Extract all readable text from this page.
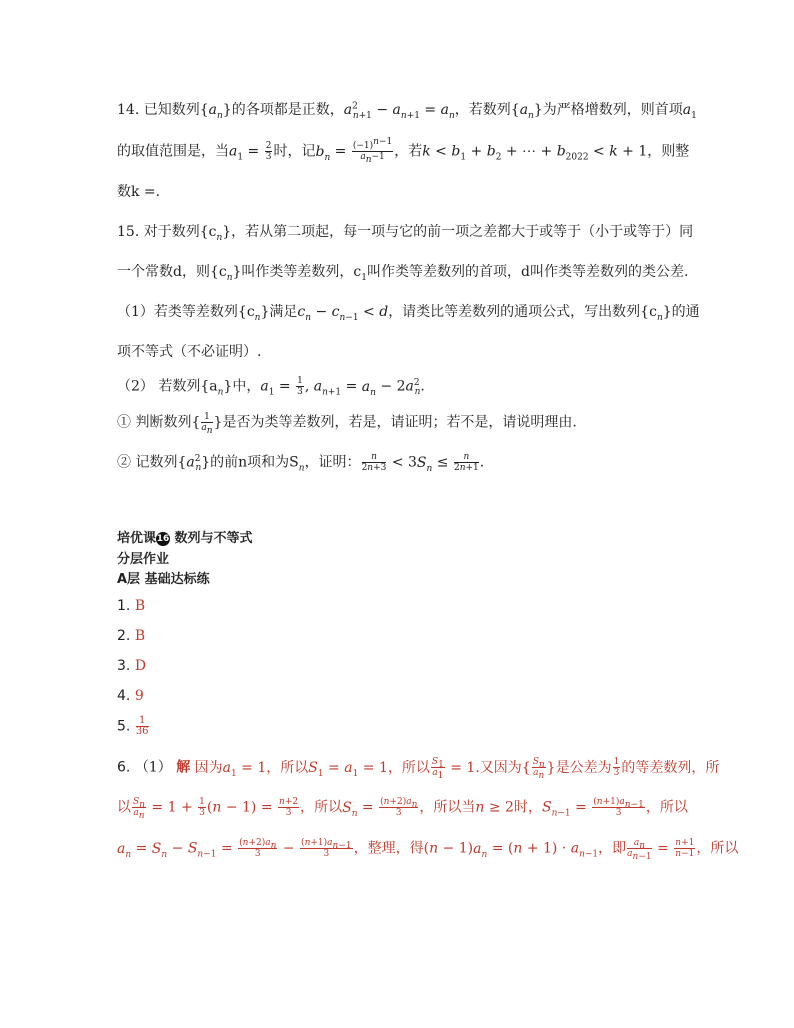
14. 已知数列$\{a_n\}$的各项都是正数，$a^2_{n+1} - a_{n+1} = a_n$，若数列$\{a_n\}$为严格增数列，则首项$a_1$
的取值范围是，当$a_1 = \frac{2}{3}$ 时，记$b_n = \frac{(-1)^{n-1}}{a_n-1}$ ，若$k < b_1 + b_2$ + ⋯ + $b_{2022} < k + 1$，则整
数k =.
15. 对于数列$\{c_n\}$，若从第二项起，每一项与它的前一项之差都大于或等于（小于或等于）同
一个常数d，则$\{c_n\}$叫作类等差数列，$c_1$叫作类等差数列的首项，d叫作类等差数列的类公差.
（1）若类等差数列$\{c_n\}$满足$c_n - c_{n-1} < d$，请类比等差数列的通项公式，写出数列$\{c_n\}$的通
项不等式（不必证明）.
（2） 若数列$\{a_n\}$中，$a_1 = \frac{1}{3}$ , $a_{n+1} = a_n - 2a^2_n$.
① 判断数列{ $\frac{1}{a_n}$ }是否为类等差数列，若是，请证明；若不是，请说明理由.
② 记数列$\{a^2_n\}$的前n项和为$S_n$，证明： $\frac{n}{2n+3} < 3S_n \le \frac{n}{2n+1}$ .
培优课16 数列与不等式
分层作业
A层 基础达标练
1. B
2. B
3. D
4. 9
5. $\frac{1}{36}$
6. （1） 解 因为$a_1 = 1$，所以$S_1 = a_1 = 1$，所以 $\frac{S_1}{a_1} = 1$.又因为{ $\frac{S_n}{a_n}$ }是公差为 $\frac{1}{3}$ 的等差数列，所
以 $\frac{S_n}{a_n} = 1 + \frac{1}{3} (n - 1) = \frac{n+2}{3}$ ，所以$S_n = \frac{(n+2)a_n}{3}$ ，所以当n ≥ 2时，$S_{n-1} = \frac{(n+1)a_{n-1}}{3}$ ，所以
$a_n = S_n - S_{n-1} = \frac{(n+2)a_n}{3} - \frac{(n+1)a_{n-1}}{3}$ ，整理，得$(n - 1)a_n = (n + 1) \cdot a_{n-1}$，即 $\frac{a_n}{a_{n-1}} = \frac{n+1}{n-1}$ ，所以
